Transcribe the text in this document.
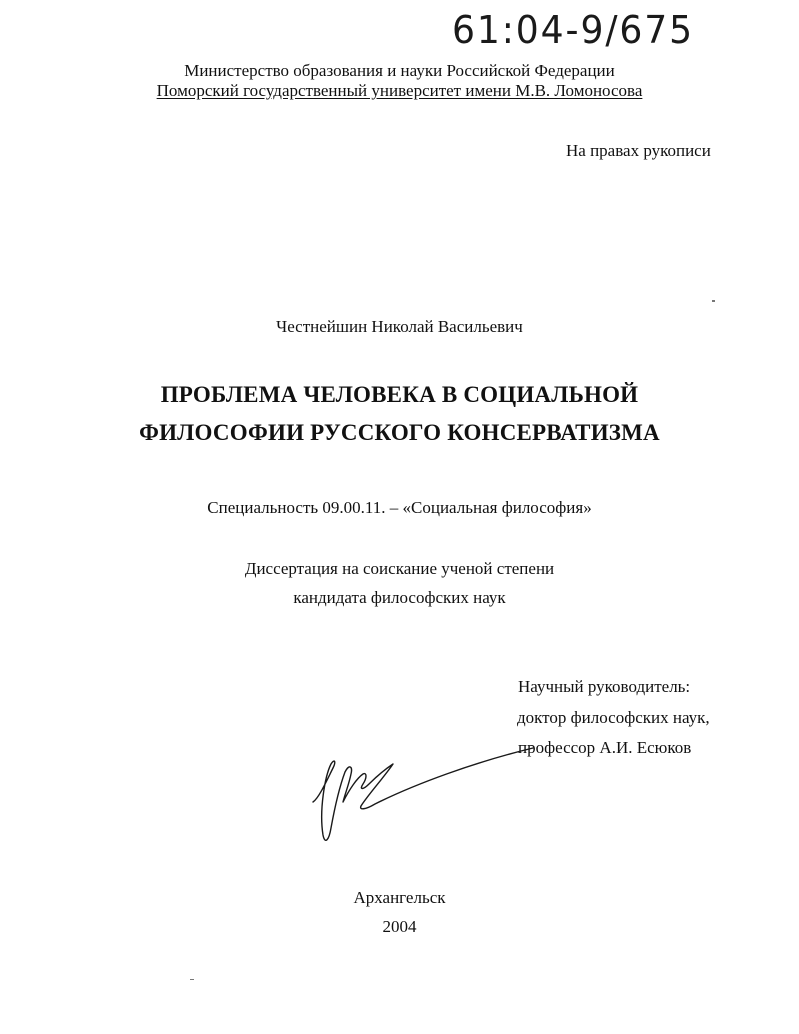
61:04-9/675
Министерство образования и науки Российской Федерации
Поморский государственный университет имени М.В. Ломоносова
На правах рукописи
Честнейшин Николай Васильевич
ПРОБЛЕМА ЧЕЛОВЕКА В СОЦИАЛЬНОЙ
ФИЛОСОФИИ РУССКОГО КОНСЕРВАТИЗМА
Специальность 09.00.11. – «Социальная философия»
Диссертация на соискание ученой степени
кандидата философских наук
Научный руководитель:
доктор философских наук,
профессор А.И. Есюков
Архангельск
2004
